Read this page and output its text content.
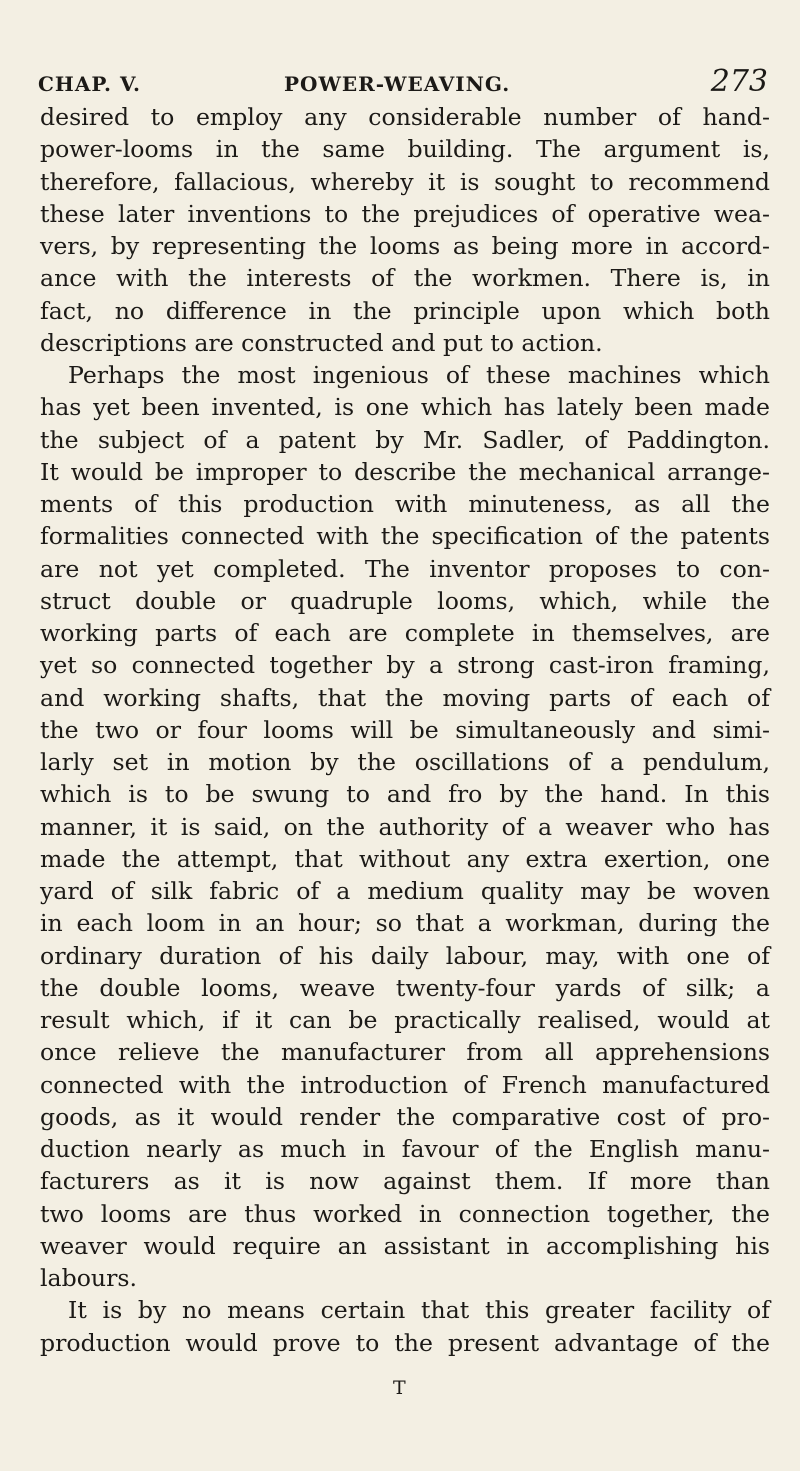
CHAP. V.	POWER-WEAVING.	273
desired to employ any considerable number of hand-
power-looms in the same building. The argument is,
therefore, fallacious, whereby it is sought to recommend
these later inventions to the prejudices of operative wea-
vers, by representing the looms as being more in accord-
ance with the interests of the workmen. There is, in
fact, no difference in the principle upon which both
descriptions are constructed and put to action.
Perhaps the most ingenious of these machines which
has yet been invented, is one which has lately been made
the subject of a patent by Mr. Sadler, of Paddington.
It would be improper to describe the mechanical arrange-
ments of this production with minuteness, as all the
formalities connected with the specification of the patents
are not yet completed. The inventor proposes to con-
struct double or quadruple looms, which, while the
working parts of each are complete in themselves, are
yet so connected together by a strong cast-iron framing,
and working shafts, that the moving parts of each of
the two or four looms will be simultaneously and simi-
larly set in motion by the oscillations of a pendulum,
which is to be swung to and fro by the hand. In this
manner, it is said, on the authority of a weaver who has
made the attempt, that without any extra exertion, one
yard of silk fabric of a medium quality may be woven
in each loom in an hour; so that a workman, during the
ordinary duration of his daily labour, may, with one of
the double looms, weave twenty-four yards of silk; a
result which, if it can be practically realised, would at
once relieve the manufacturer from all apprehensions
connected with the introduction of French manufactured
goods, as it would render the comparative cost of pro-
duction nearly as much in favour of the English manu-
facturers as it is now against them. If more than
two looms are thus worked in connection together, the
weaver would require an assistant in accomplishing his
labours.
It is by no means certain that this greater facility of
production would prove to the present advantage of the
T
